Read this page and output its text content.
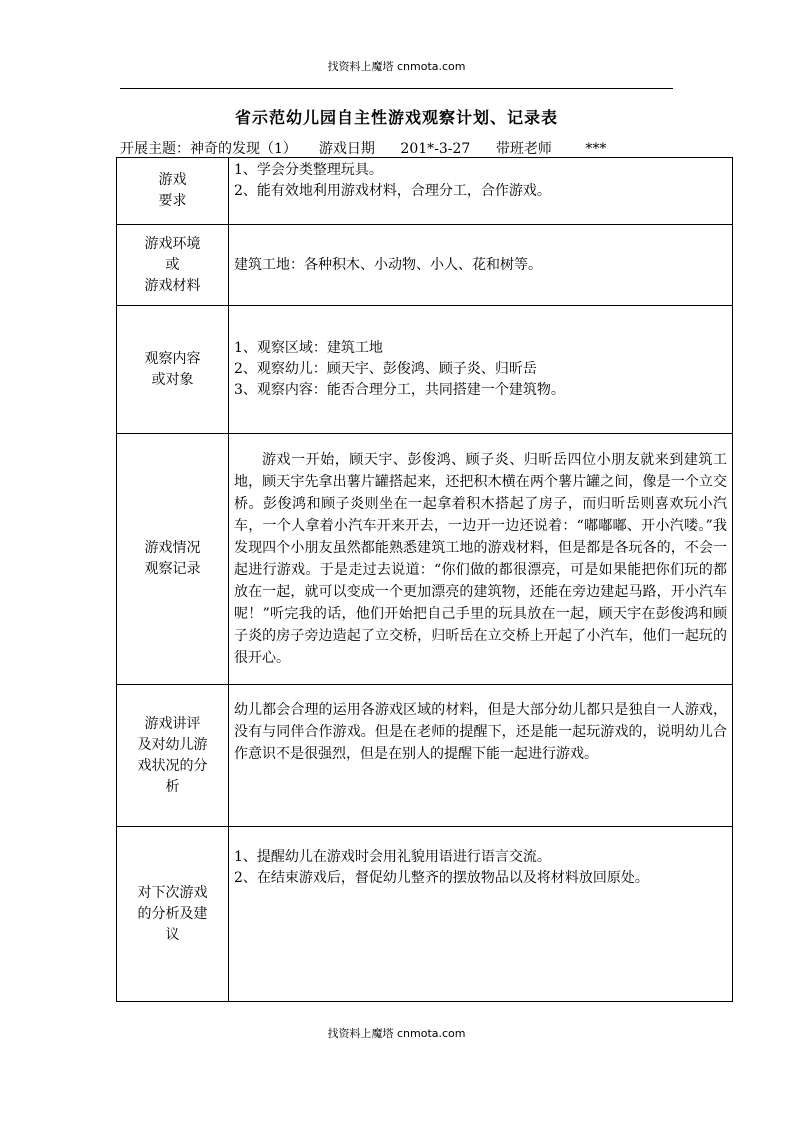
找资料上魔塔 cnmota.com
省示范幼儿园自主性游戏观察计划、记录表
开展主题：神奇的发现（1） 游戏日期 201*-3-27 带班老师 ***
游戏
要求	1、学会分类整理玩具。
2、能有效地利用游戏材料，合理分工，合作游戏。

游戏环境
或
游戏材料	建筑工地：各种积木、小动物、小人、花和树等。

观察内容
或对象	1、观察区域：建筑工地
2、观察幼儿：顾天宇、彭俊鸿、顾子炎、归昕岳
3、观察内容：能否合理分工，共同搭建一个建筑物。

游戏情况
观察记录	游戏一开始，顾天宇、彭俊鸿、顾子炎、归昕岳四位小朋友就来到建筑工地，顾天宇先拿出薯片罐搭起来，还把积木横在两个薯片罐之间，像是一个立交桥。彭俊鸿和顾子炎则坐在一起拿着积木搭起了房子，而归昕岳则喜欢玩小汽车，一个人拿着小汽车开来开去，一边开一边还说着：“嘟嘟嘟、开小汽喽。”我发现四个小朋友虽然都能熟悉建筑工地的游戏材料，但是都是各玩各的，不会一起进行游戏。于是走过去说道：“你们做的都很漂亮，可是如果能把你们玩的都放在一起，就可以变成一个更加漂亮的建筑物，还能在旁边建起马路，开小汽车呢！”听完我的话，他们开始把自己手里的玩具放在一起，顾天宇在彭俊鸿和顾子炎的房子旁边造起了立交桥，归昕岳在立交桥上开起了小汽车，他们一起玩的很开心。

游戏讲评
及对幼儿游
戏状况的分
析	幼儿都会合理的运用各游戏区域的材料，但是大部分幼儿都只是独自一人游戏，没有与同伴合作游戏。但是在老师的提醒下，还是能一起玩游戏的，说明幼儿合作意识不是很强烈，但是在别人的提醒下能一起进行游戏。

对下次游戏
的分析及建
议	1、提醒幼儿在游戏时会用礼貌用语进行语言交流。
2、在结束游戏后，督促幼儿整齐的摆放物品以及将材料放回原处。
找资料上魔塔 cnmota.com
